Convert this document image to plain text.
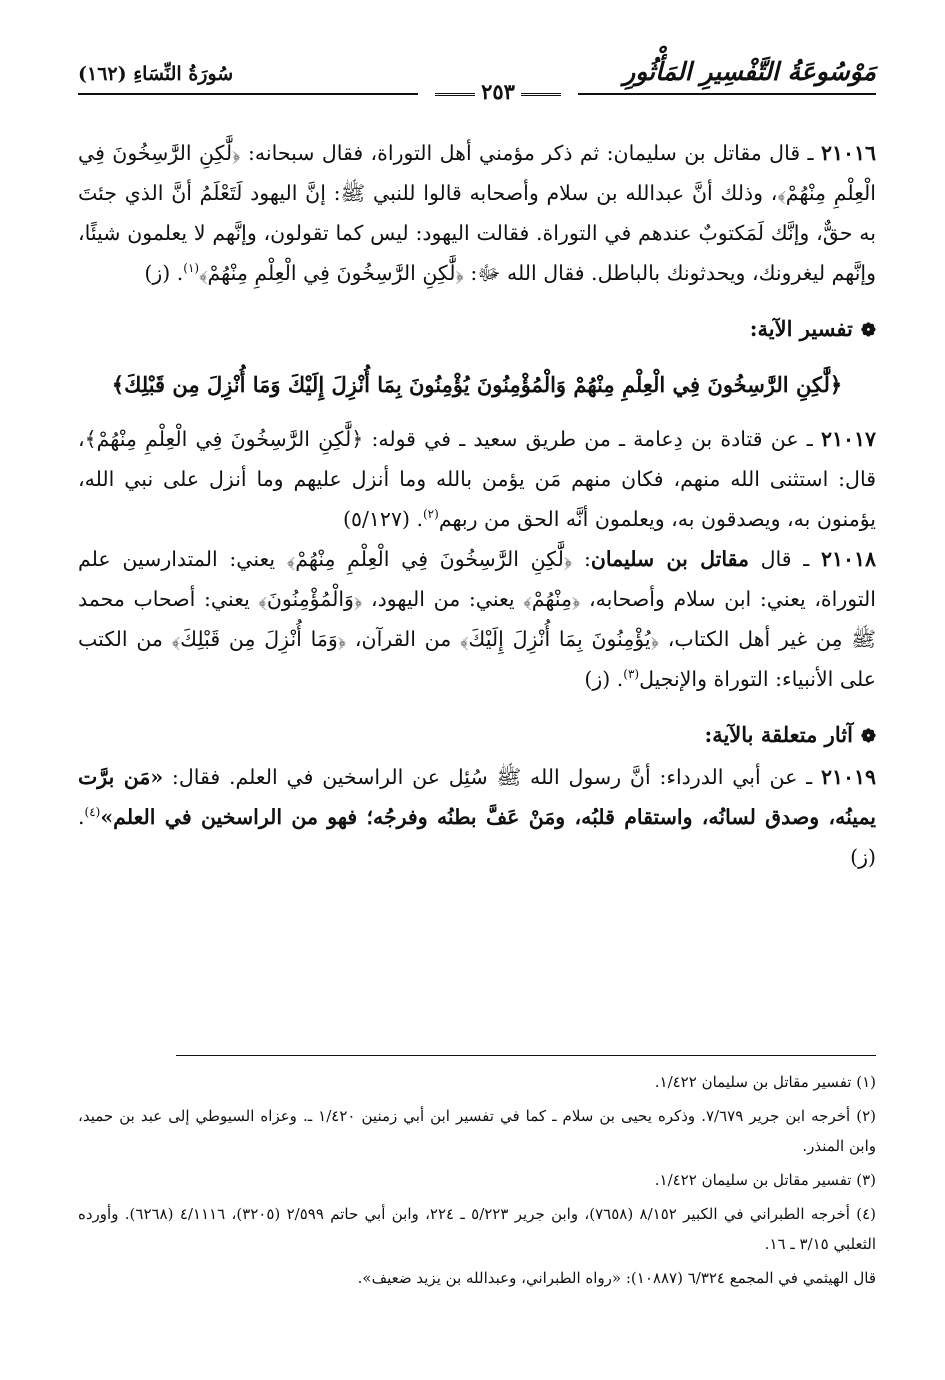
مَوْسُوعَةُ التَّفْسِيرِ المَأْثُورِ
سُورَةُ النِّسَاءِ (١٦٢)
٢٥٣

٢١٠١٦ ـ قال مقاتل بن سليمان: ثم ذكر مؤمني أهل التوراة، فقال سبحانه: ﴿لَّٰكِنِ الرَّٰسِخُونَ فِي الْعِلْمِ مِنْهُمْ﴾، وذلك أنَّ عبدالله بن سلام وأصحابه قالوا للنبي ﷺ: إنَّ اليهود لَتَعْلَمُ أنَّ الذي جئتَ به حقٌّ، وإنَّك لَمَكتوبٌ عندهم في التوراة. فقالت اليهود: ليس كما تقولون، وإنَّهم لا يعلمون شيئًا، وإنَّهم ليغرونك، ويحدثونك بالباطل. فقال الله ﷻ: ﴿لَّٰكِنِ الرَّٰسِخُونَ فِي الْعِلْمِ مِنْهُمْ﴾$^{(١)}$. (ز)

❁تفسير الآية:

﴿لَّٰكِنِ الرَّٰسِخُونَ فِي الْعِلْمِ مِنْهُمْ وَالْمُؤْمِنُونَ يُؤْمِنُونَ بِمَا أُنْزِلَ إِلَيْكَ وَمَا أُنْزِلَ مِن قَبْلِكَ﴾

٢١٠١٧ ـ عن قتادة بن دِعامة ـ من طريق سعيد ـ في قوله: ﴿لَّٰكِنِ الرَّٰسِخُونَ فِي الْعِلْمِ مِنْهُمْ﴾، قال: استثنى الله منهم، فكان منهم مَن يؤمن بالله وما أنزل عليهم وما أنزل على نبي الله، يؤمنون به، ويصدقون به، ويعلمون أنَّه الحق من ربهم$^{(٢)}$. (٥/١٢٧)

٢١٠١٨ ـ قال مقاتل بن سليمان: ﴿لَّٰكِنِ الرَّٰسِخُونَ فِي الْعِلْمِ مِنْهُمْ﴾ يعني: المتدارسين علم التوراة، يعني: ابن سلام وأصحابه، ﴿مِنْهُمْ﴾ يعني: من اليهود، ﴿وَالْمُؤْمِنُونَ﴾ يعني: أصحاب محمد ﷺ مِن غير أهل الكتاب، ﴿يُؤْمِنُونَ بِمَا أُنْزِلَ إِلَيْكَ﴾ من القرآن، ﴿وَمَا أُنْزِلَ مِن قَبْلِكَ﴾ من الكتب على الأنبياء: التوراة والإنجيل$^{(٣)}$. (ز)

❁آثار متعلقة بالآية:

٢١٠١٩ ـ عن أبي الدرداء: أنَّ رسول الله ﷺ سُئِل عن الراسخين في العلم. فقال: «مَن برَّت يمينُه، وصدق لسانُه، واستقام قلبُه، ومَنْ عَفَّ بطنُه وفرجُه؛ فهو من الراسخين في العلم»$^{(٤)}$. (ز)

(١) تفسير مقاتل بن سليمان ١/٤٢٢.

(٢) أخرجه ابن جرير ٧/٦٧٩. وذكره يحيى بن سلام ـ كما في تفسير ابن أبي زمنين ١/٤٢٠ ـ. وعزاه السيوطي إلى عبد بن حميد، وابن المنذر.

(٣) تفسير مقاتل بن سليمان ١/٤٢٢.

(٤) أخرجه الطبراني في الكبير ٨/١٥٢ (٧٦٥٨)، وابن جرير ٥/٢٢٣ ـ ٢٢٤، وابن أبي حاتم ٢/٥٩٩ (٣٢٠٥)، ٤/١١١٦ (٦٢٦٨). وأورده الثعلبي ٣/١٥ ـ ١٦.

قال الهيثمي في المجمع ٦/٣٢٤ (١٠٨٨٧): «رواه الطبراني، وعبدالله بن يزيد ضعيف».
